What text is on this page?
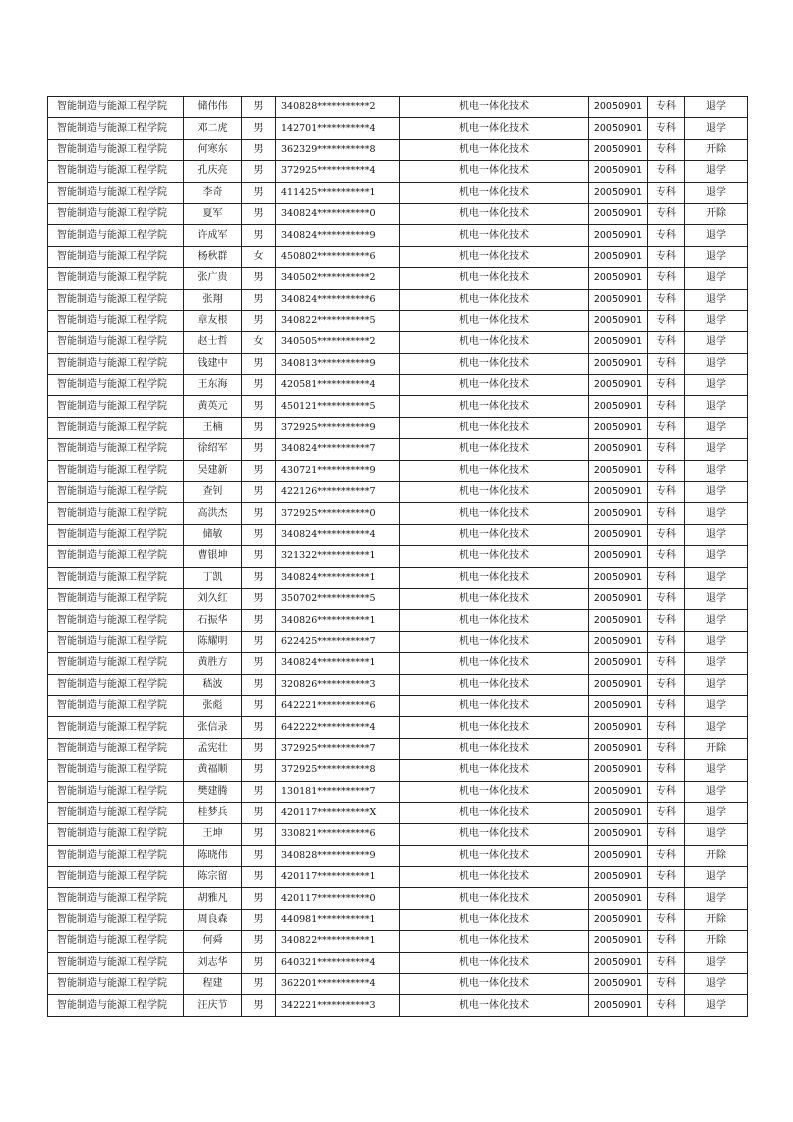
智能制造与能源工程学院	储伟伟	男	340828***********2	机电一体化技术	20050901	专科	退学
智能制造与能源工程学院	邓二虎	男	142701***********4	机电一体化技术	20050901	专科	退学
智能制造与能源工程学院	何寒东	男	362329***********8	机电一体化技术	20050901	专科	开除
智能制造与能源工程学院	孔庆亮	男	372925***********4	机电一体化技术	20050901	专科	退学
智能制造与能源工程学院	李奇	男	411425***********1	机电一体化技术	20050901	专科	退学
智能制造与能源工程学院	夏军	男	340824***********0	机电一体化技术	20050901	专科	开除
智能制造与能源工程学院	许成军	男	340824***********9	机电一体化技术	20050901	专科	退学
智能制造与能源工程学院	杨秋群	女	450802***********6	机电一体化技术	20050901	专科	退学
智能制造与能源工程学院	张广贵	男	340502***********2	机电一体化技术	20050901	专科	退学
智能制造与能源工程学院	张翔	男	340824***********6	机电一体化技术	20050901	专科	退学
智能制造与能源工程学院	章友根	男	340822***********5	机电一体化技术	20050901	专科	退学
智能制造与能源工程学院	赵士哲	女	340505***********2	机电一体化技术	20050901	专科	退学
智能制造与能源工程学院	钱建中	男	340813***********9	机电一体化技术	20050901	专科	退学
智能制造与能源工程学院	王东海	男	420581***********4	机电一体化技术	20050901	专科	退学
智能制造与能源工程学院	黄英元	男	450121***********5	机电一体化技术	20050901	专科	退学
智能制造与能源工程学院	王楠	男	372925***********9	机电一体化技术	20050901	专科	退学
智能制造与能源工程学院	徐绍军	男	340824***********7	机电一体化技术	20050901	专科	退学
智能制造与能源工程学院	吴建新	男	430721***********9	机电一体化技术	20050901	专科	退学
智能制造与能源工程学院	查钊	男	422126***********7	机电一体化技术	20050901	专科	退学
智能制造与能源工程学院	高洪杰	男	372925***********0	机电一体化技术	20050901	专科	退学
智能制造与能源工程学院	储敏	男	340824***********4	机电一体化技术	20050901	专科	退学
智能制造与能源工程学院	曹银坤	男	321322***********1	机电一体化技术	20050901	专科	退学
智能制造与能源工程学院	丁凯	男	340824***********1	机电一体化技术	20050901	专科	退学
智能制造与能源工程学院	刘久红	男	350702***********5	机电一体化技术	20050901	专科	退学
智能制造与能源工程学院	石振华	男	340826***********1	机电一体化技术	20050901	专科	退学
智能制造与能源工程学院	陈耀明	男	622425***********7	机电一体化技术	20050901	专科	退学
智能制造与能源工程学院	黄胜方	男	340824***********1	机电一体化技术	20050901	专科	退学
智能制造与能源工程学院	嵇波	男	320826***********3	机电一体化技术	20050901	专科	退学
智能制造与能源工程学院	张彪	男	642221***********6	机电一体化技术	20050901	专科	退学
智能制造与能源工程学院	张信录	男	642222***********4	机电一体化技术	20050901	专科	退学
智能制造与能源工程学院	孟宪壮	男	372925***********7	机电一体化技术	20050901	专科	开除
智能制造与能源工程学院	黄福顺	男	372925***********8	机电一体化技术	20050901	专科	退学
智能制造与能源工程学院	樊建腾	男	130181***********7	机电一体化技术	20050901	专科	退学
智能制造与能源工程学院	桂梦兵	男	420117***********X	机电一体化技术	20050901	专科	退学
智能制造与能源工程学院	王坤	男	330821***********6	机电一体化技术	20050901	专科	退学
智能制造与能源工程学院	陈晓伟	男	340828***********9	机电一体化技术	20050901	专科	开除
智能制造与能源工程学院	陈宗留	男	420117***********1	机电一体化技术	20050901	专科	退学
智能制造与能源工程学院	胡雅凡	男	420117***********0	机电一体化技术	20050901	专科	退学
智能制造与能源工程学院	周良森	男	440981***********1	机电一体化技术	20050901	专科	开除
智能制造与能源工程学院	何舜	男	340822***********1	机电一体化技术	20050901	专科	开除
智能制造与能源工程学院	刘志华	男	640321***********4	机电一体化技术	20050901	专科	退学
智能制造与能源工程学院	程建	男	362201***********4	机电一体化技术	20050901	专科	退学
智能制造与能源工程学院	汪庆节	男	342221***********3	机电一体化技术	20050901	专科	退学
